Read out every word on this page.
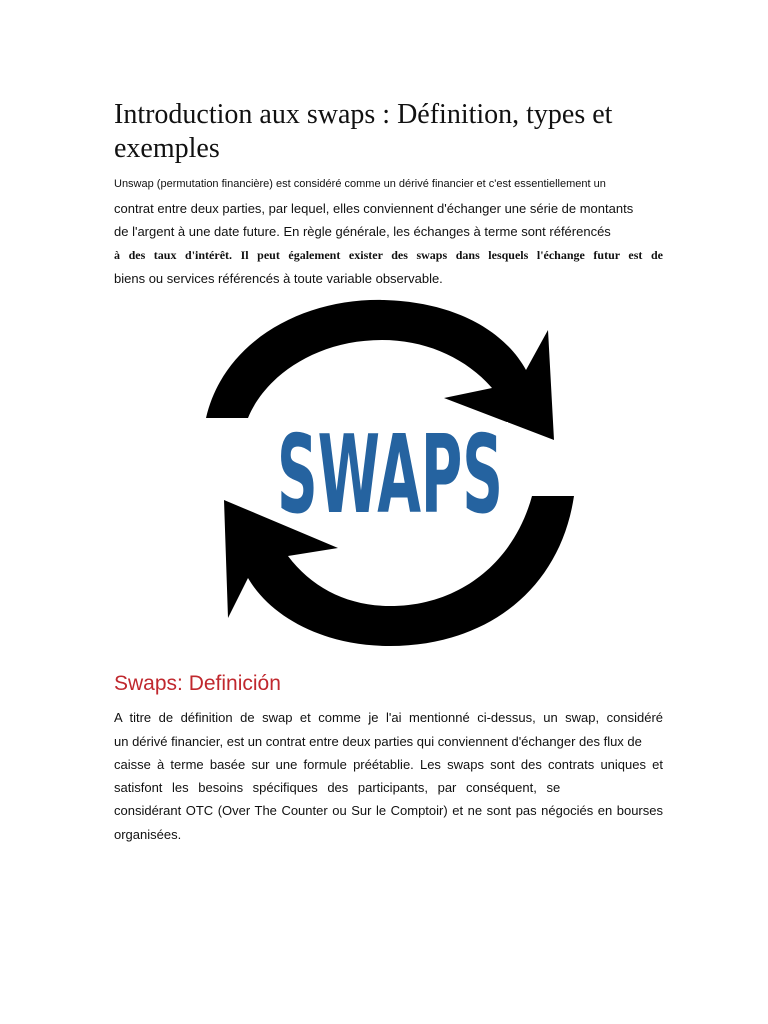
Introduction aux swaps : Définition, types et exemples
Unswap (permutation financière) est considéré comme un dérivé financier et c'est essentiellement un
contrat entre deux parties, par lequel, elles conviennent d'échanger une série de montants
de l'argent à une date future. En règle générale, les échanges à terme sont référencés
à des taux d'intérêt. Il peut également exister des swaps dans lesquels l'échange futur est de
biens ou services référencés à toute variable observable.
Swaps: Definición
A titre de définition de swap et comme je l'ai mentionné ci-dessus, un swap, considéré
un dérivé financier, est un contrat entre deux parties qui conviennent d'échanger des flux de
caisse à terme basée sur une formule préétablie. Les swaps sont des contrats uniques et
satisfont les besoins spécifiques des participants, par conséquent, se
considérant OTC (Over The Counter ou Sur le Comptoir) et ne sont pas négociés en bourses
organisées.
SWAPS
